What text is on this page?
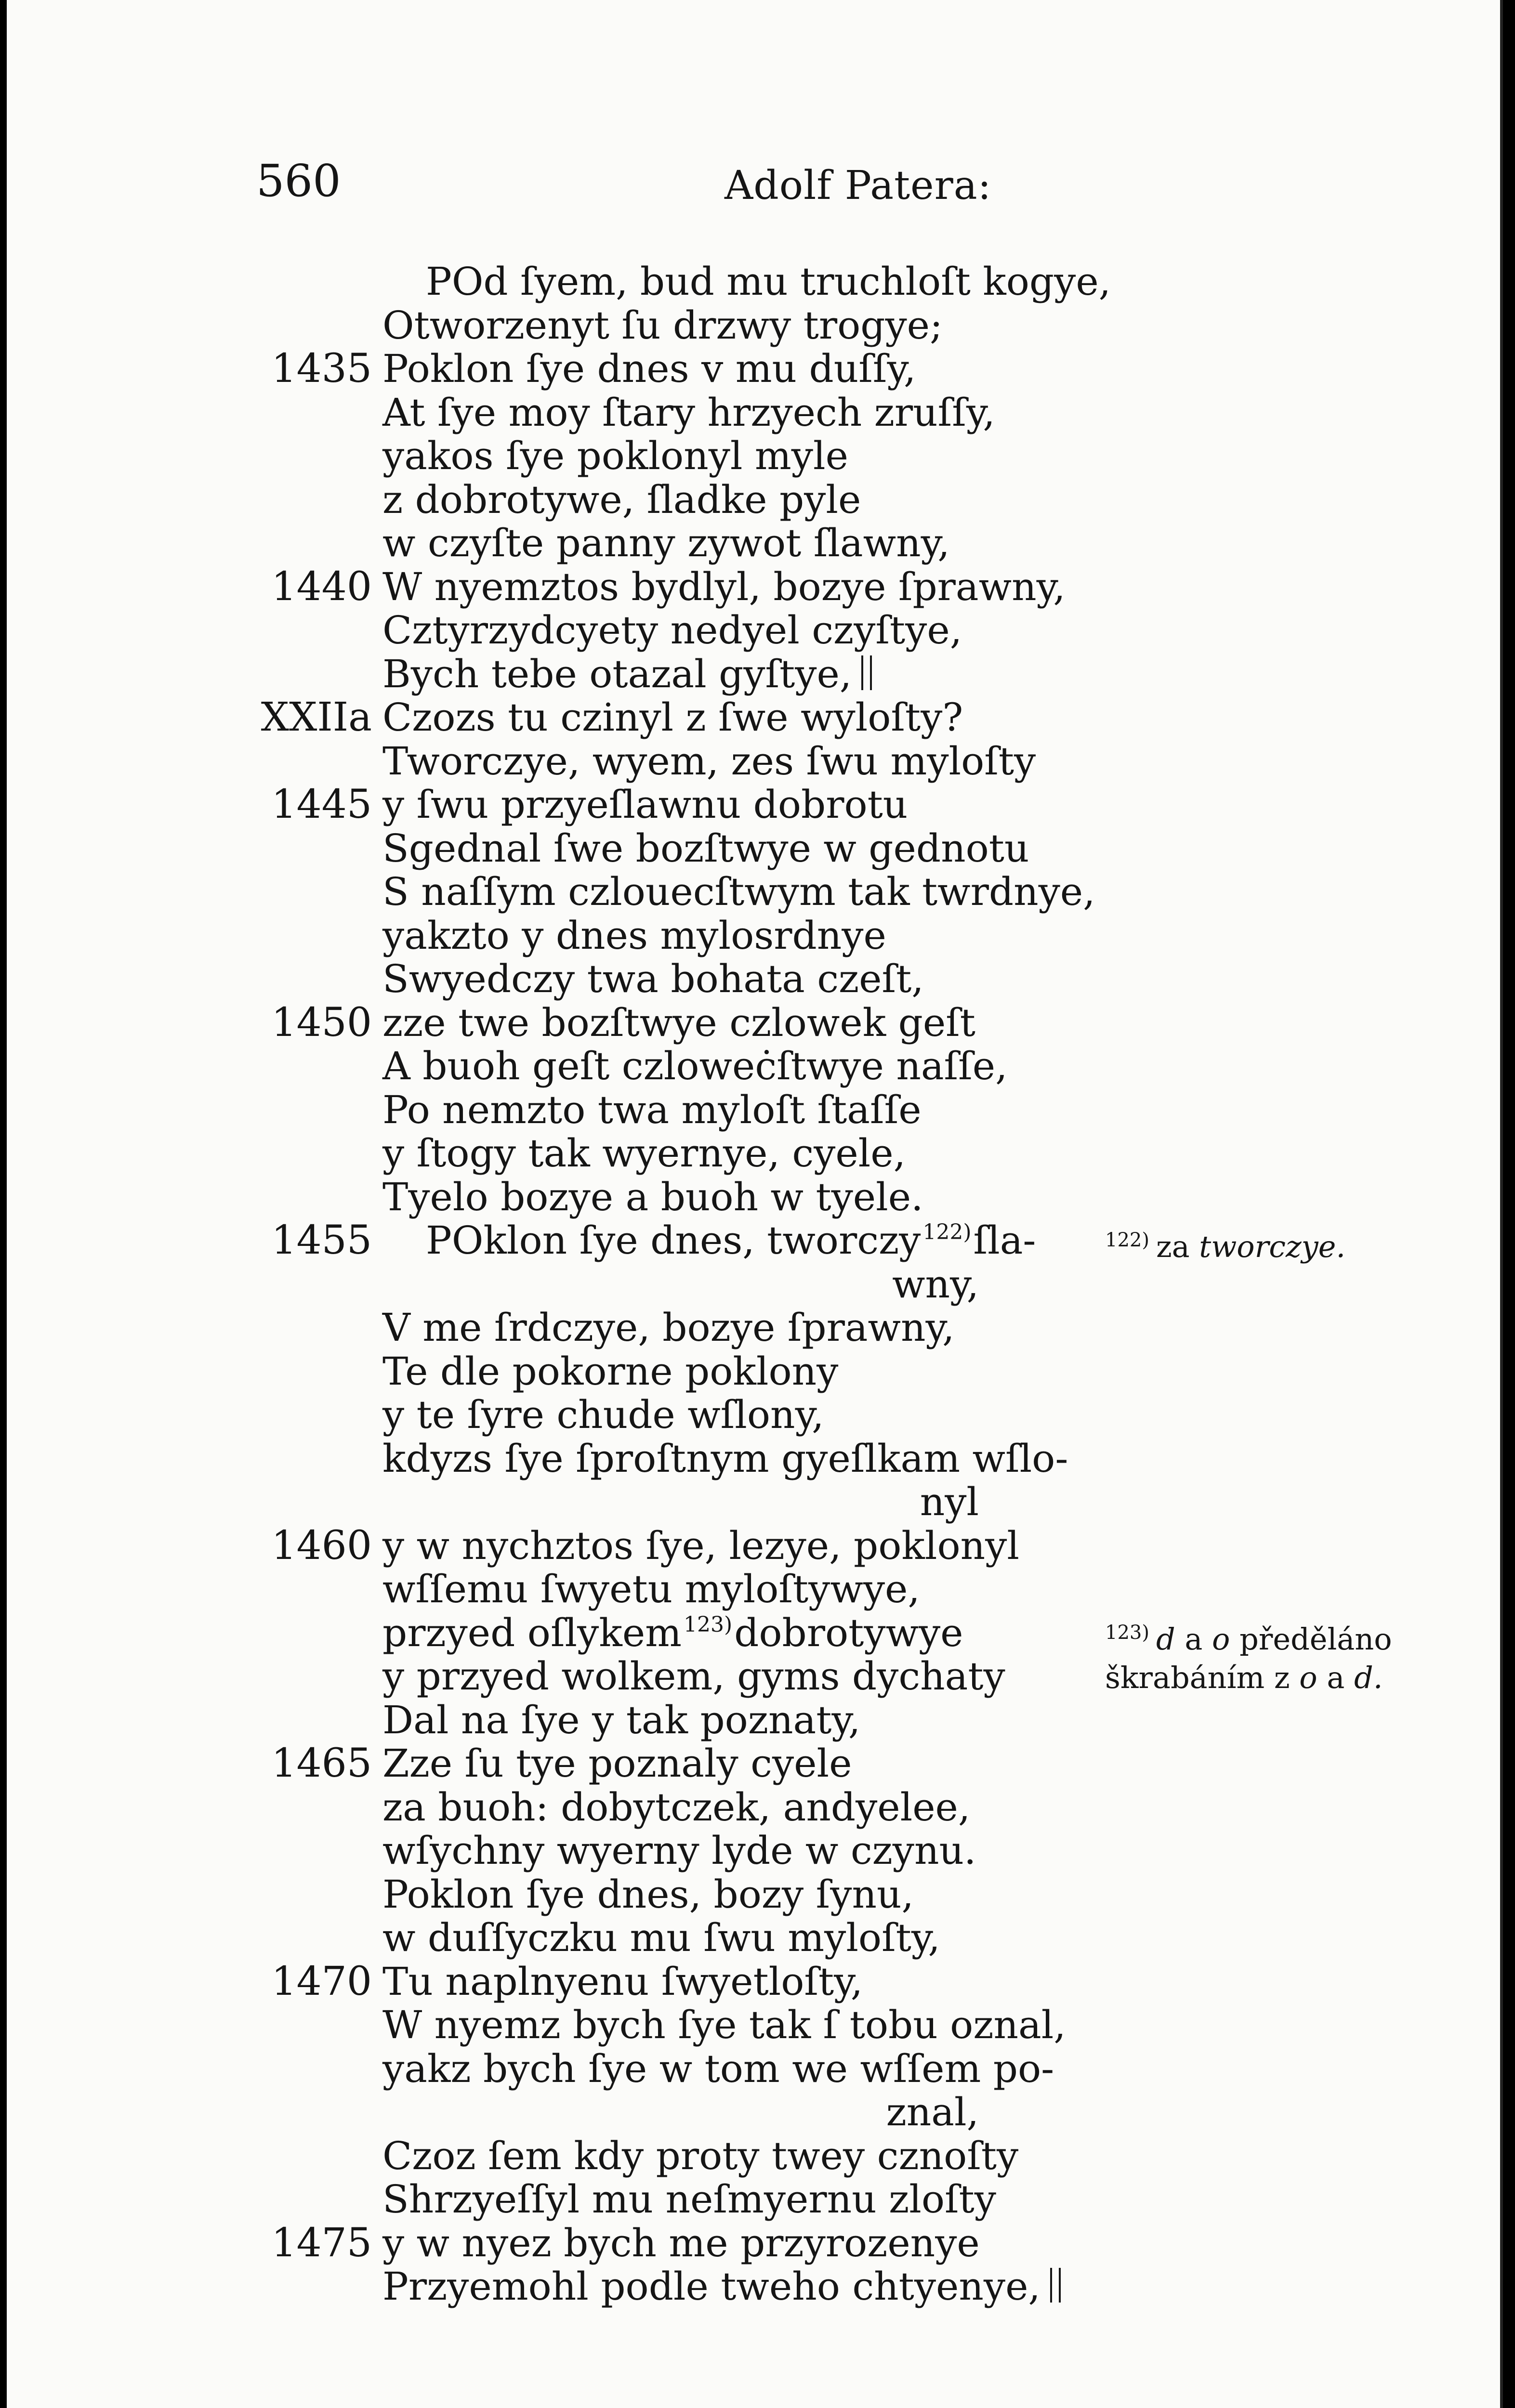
560	Adolf Patera:
POd ſyem, bud mu truchloſt kogye,
Otworzenyt ſu drzwy trogye;
1435 Poklon ſye dnes v mu duſſy,
At ſye moy ſtary hrzyech zruſſy,
yakos ſye poklonyl myle
z dobrotywe, ſladke pyle
w czyſte panny zywot ſlawny,
1440 W nyemztos bydlyl, bozye ſprawny,
Cztyrzydcyety nedyel czyſtye,
Bych tebe otazal gyſtye,
XXIIa Czozs tu czinyl z ſwe wyloſty?
Tworczye, wyem, zes ſwu myloſty
1445 y ſwu przyeſlawnu dobrotu
Sgednal ſwe bozſtwye w gednotu
S naſſym czlouecſtwym tak twrdnye,
yakzto y dnes mylosrdnye
Swyedczy twa bohata czeſt,
1450 zze twe bozſtwye czlowek geſt
A buoh geſt czloweċſtwye naſſe,
Po nemzto twa myloſt ſtaſſe
y ſtogy tak wyernye, cyele,
Tyelo bozye a buoh w tyele.
1455 POklon ſye dnes, tworczy$^{122)}$ſla-
wny,
V me ſrdczye, bozye ſprawny,
Te dle pokorne poklony
y te ſyre chude wſlony,
kdyzs ſye ſproſtnym gyeſlkam wſlo-
nyl
1460 y w nychztos ſye, lezye, poklonyl
wſſemu ſwyetu myloſtywye,
przyed oſlykem$^{123)}$dobrotywye
y przyed wolkem, gyms dychaty
Dal na ſye y tak poznaty,
1465 Zze ſu tye poznaly cyele
za buoh: dobytczek, andyelee,
wſychny wyerny lyde w czynu.
Poklon ſye dnes, bozy ſynu,
w duſſyczku mu ſwu myloſty,
1470 Tu naplnyenu ſwyetloſty,
W nyemz bych ſye tak ſ tobu oznal,
yakz bych ſye w tom we wſſem po-
znal,
Czoz ſem kdy proty twey cznoſty
Shrzyeſſyl mu neſmyernu zloſty
1475 y w nyez bych me przyrozenye
Przyemohl podle tweho chtyenye,
$^{122)}$ za tworczye.
$^{123)}$ d a o předěláno škrabáním z o a d.
